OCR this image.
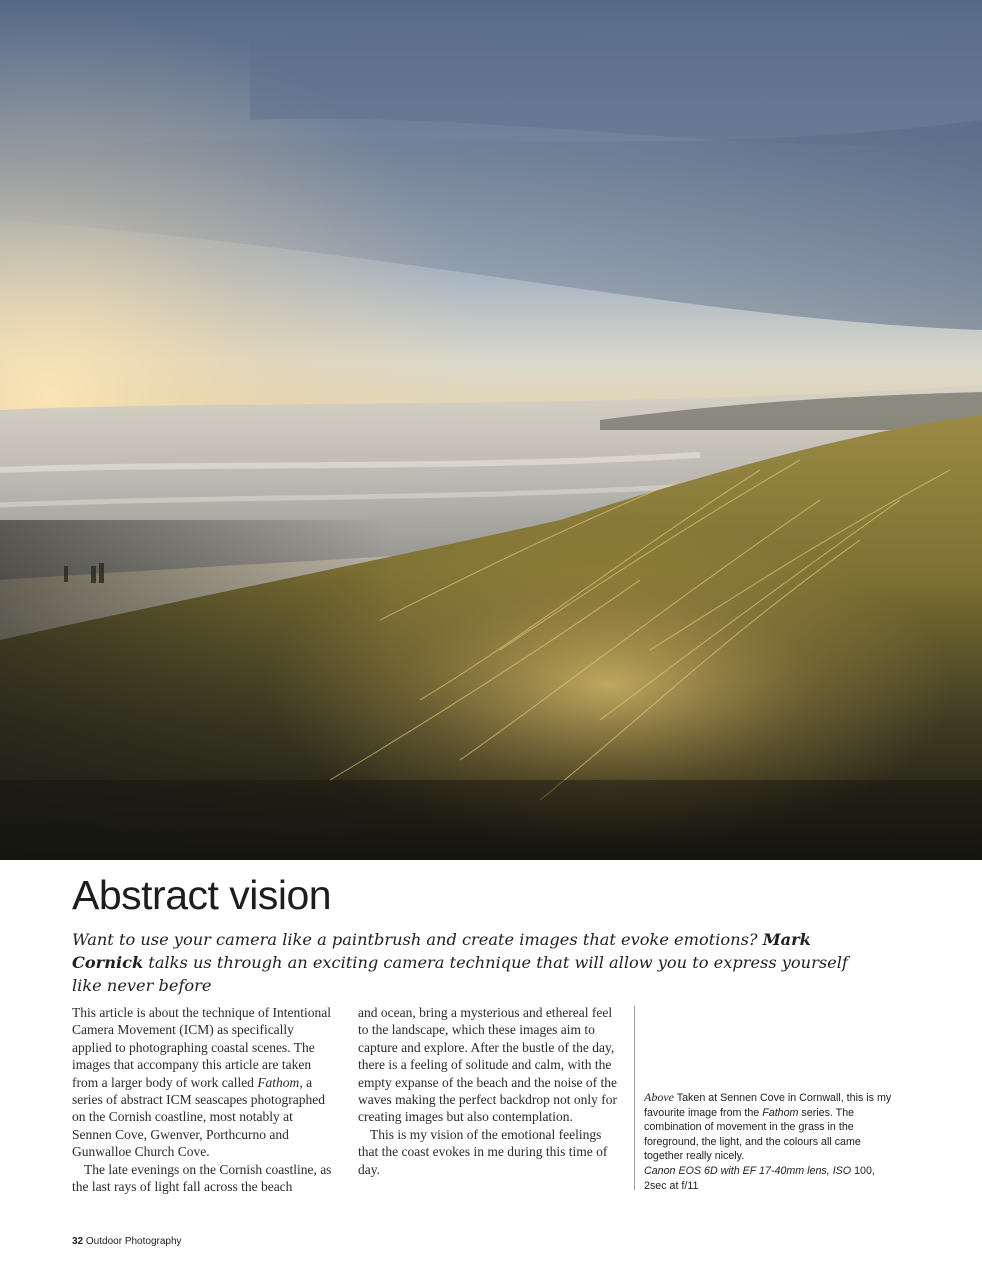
Abstract vision

Want to use your camera like a paintbrush and create images that evoke emotions? Mark Cornick talks us through an exciting camera technique that will allow you to express yourself like never before

This article is about the technique of Intentional Camera Movement (ICM) as specifically applied to photographing coastal scenes. The images that accompany this article are taken from a larger body of work called Fathom, a series of abstract ICM seascapes photographed on the Cornish coastline, most notably at Sennen Cove, Gwenver, Porthcurno and Gunwalloe Church Cove.

The late evenings on the Cornish coastline, as the last rays of light fall across the beach

and ocean, bring a mysterious and ethereal feel to the landscape, which these images aim to capture and explore. After the bustle of the day, there is a feeling of solitude and calm, with the empty expanse of the beach and the noise of the waves making the perfect backdrop not only for creating images but also contemplation.

This is my vision of the emotional feelings that the coast evokes in me during this time of day.

Above Taken at Sennen Cove in Cornwall, this is my favourite image from the Fathom series. The combination of movement in the grass in the foreground, the light, and the colours all came together really nicely.
Canon EOS 6D with EF 17-40mm lens, ISO 100, 2sec at f/11
32 Outdoor Photography
